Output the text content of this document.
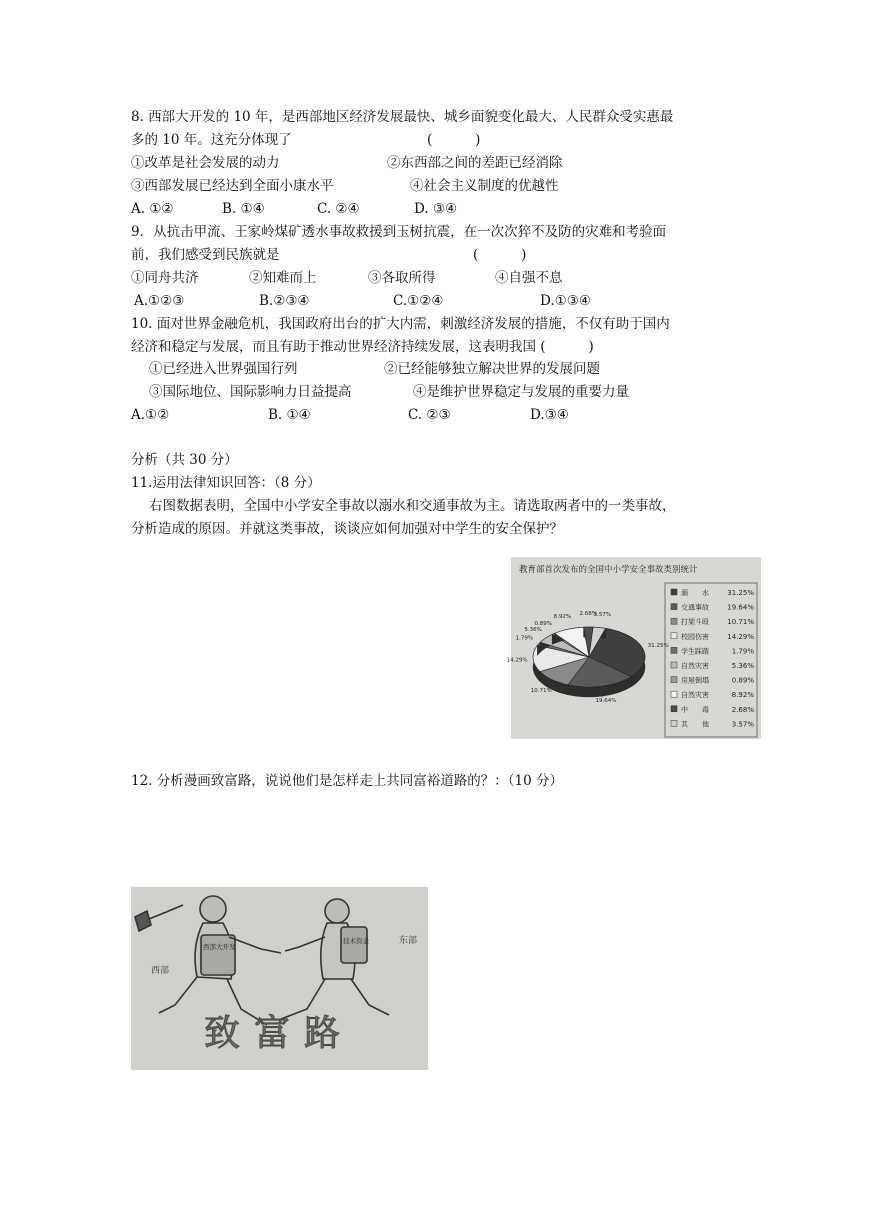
8. 西部大开发的 10 年，是西部地区经济发展最快、城乡面貌变化最大、人民群众受实惠最
多的 10 年。这充分体现了	(          )
①改革是社会发展的动力	②东西部之间的差距已经消除
③西部发展已经达到全面小康水平	④社会主义制度的优越性
A. ①②	B. ①④	C. ②④	D. ③④
9．从抗击甲流、王家岭煤矿透水事故救援到玉树抗震，在一次次猝不及防的灾难和考验面
前，我们感受到民族就是	(          )
①同舟共济	②知难而上	③各取所得	④自强不息
A.①②③	B.②③④	C.①②④	D.①③④
10. 面对世界金融危机，我国政府出台的扩大内需，刺激经济发展的措施，不仅有助于国内
经济和稳定与发展，而且有助于推动世界经济持续发展，这表明我国 (          )
①已经进入世界强国行列	②已经能够独立解决世界的发展问题
③国际地位、国际影响力日益提高	④是维护世界稳定与发展的重要力量
A.①②	B. ①④	C. ②③	D.③④
分析（共 30 分）
11.运用法律知识回答：（8 分）
右图数据表明，全国中小学安全事故以溺水和交通事故为主。请选取两者中的一类事故，
分析造成的原因。并就这类事故，谈谈应如何加强对中学生的安全保护？
教育部首次发布的全国中小学安全事故类别统计
31.25%
19.64%
10.71%
14.29%
1.79%
5.36%
0.89%
8.92%
2.68%
3.57%
溺　　水	31.25%
交通事故	19.64%
打架斗殴	10.71%
校园伤害	14.29%
学生踩踏	1.79%
自然灾害	5.36%
房屋倒塌	0.89%
自然灾害	8.92%
中　　毒	2.68%
其　　他	3.57%
12. 分析漫画致富路，说说他们是怎样走上共同富裕道路的？：（10 分）
西部大开发
西部
技术资金	东部
致富路
